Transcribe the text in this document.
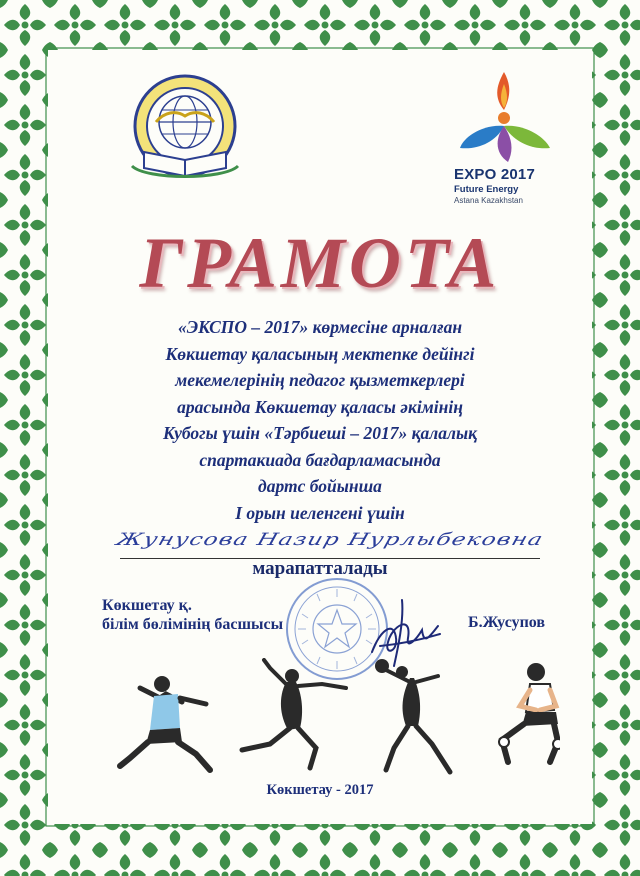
EXPO 2017
Future Energy
Astana Kazakhstan
ГРАМОТА
«ЭКСПО – 2017» көрмесіне арналған
Көкшетау қаласының мектепке дейінгі
мекемелерінің педагог қызметкерлері
арасында Көкшетау қаласы әкімінің
Кубогы үшін «Тәрбиеші – 2017» қалалық
спартакиада бағдарламасында
дартс бойынша
І орын иеленгені үшін
Жунусова Назир Нурлыбековна
марапатталады
Көкшетау қ.
білім бөлімінің басшысы	Б.Жусупов
Көкшетау - 2017
